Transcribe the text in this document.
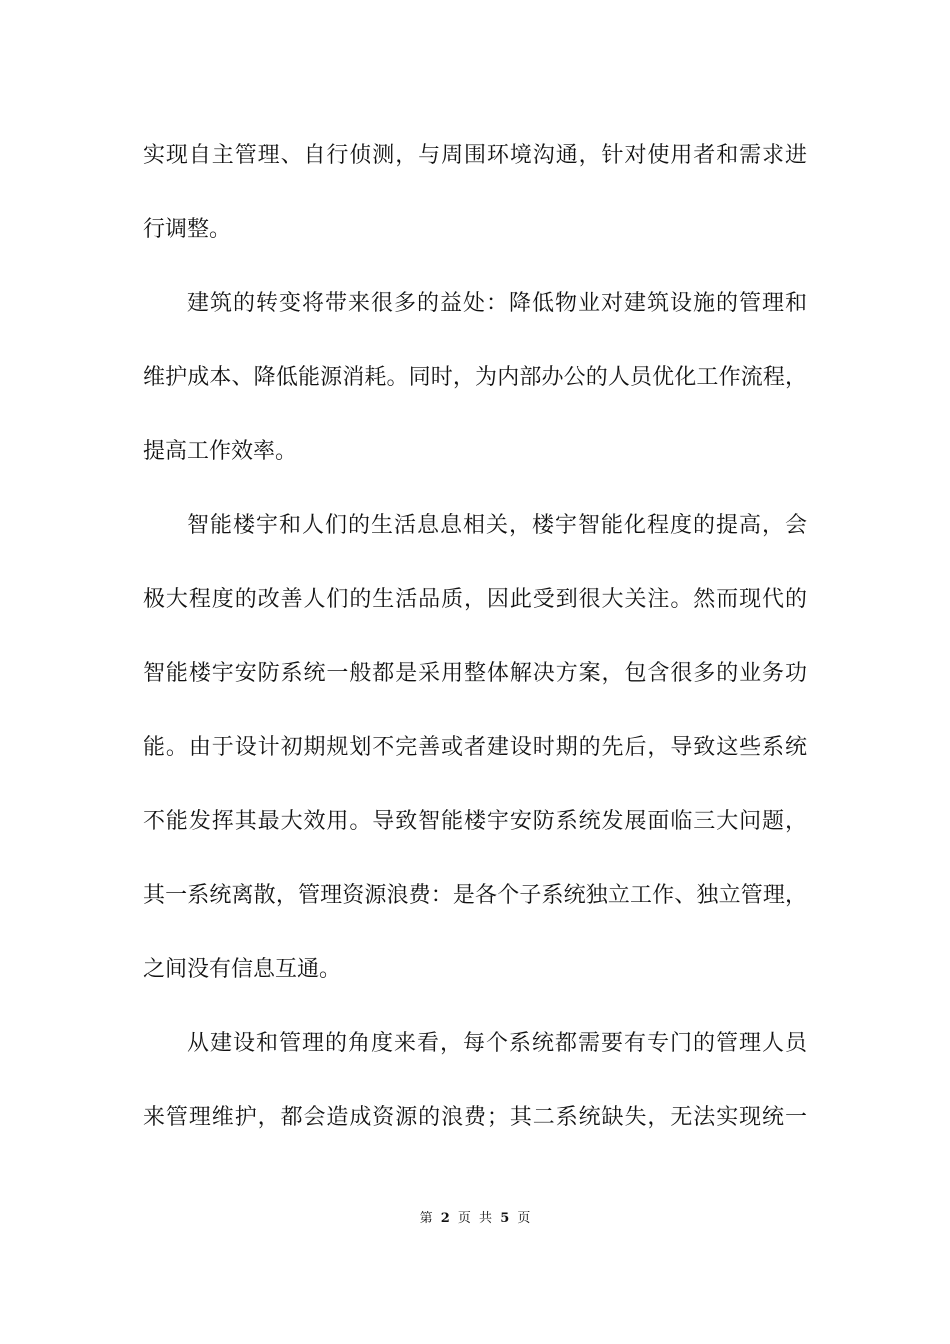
实现自主管理、自行侦测，与周围环境沟通，针对使用者和需求进
行调整。
建筑的转变将带来很多的益处：降低物业对建筑设施的管理和
维护成本、降低能源消耗。同时，为内部办公的人员优化工作流程，
提高工作效率。
智能楼宇和人们的生活息息相关，楼宇智能化程度的提高，会
极大程度的改善人们的生活品质，因此受到很大关注。然而现代的
智能楼宇安防系统一般都是采用整体解决方案，包含很多的业务功
能。由于设计初期规划不完善或者建设时期的先后，导致这些系统
不能发挥其最大效用。导致智能楼宇安防系统发展面临三大问题，
其一系统离散，管理资源浪费：是各个子系统独立工作、独立管理，
之间没有信息互通。
从建设和管理的角度来看，每个系统都需要有专门的管理人员
来管理维护，都会造成资源的浪费；其二系统缺失，无法实现统一
第 2 页 共 5 页
